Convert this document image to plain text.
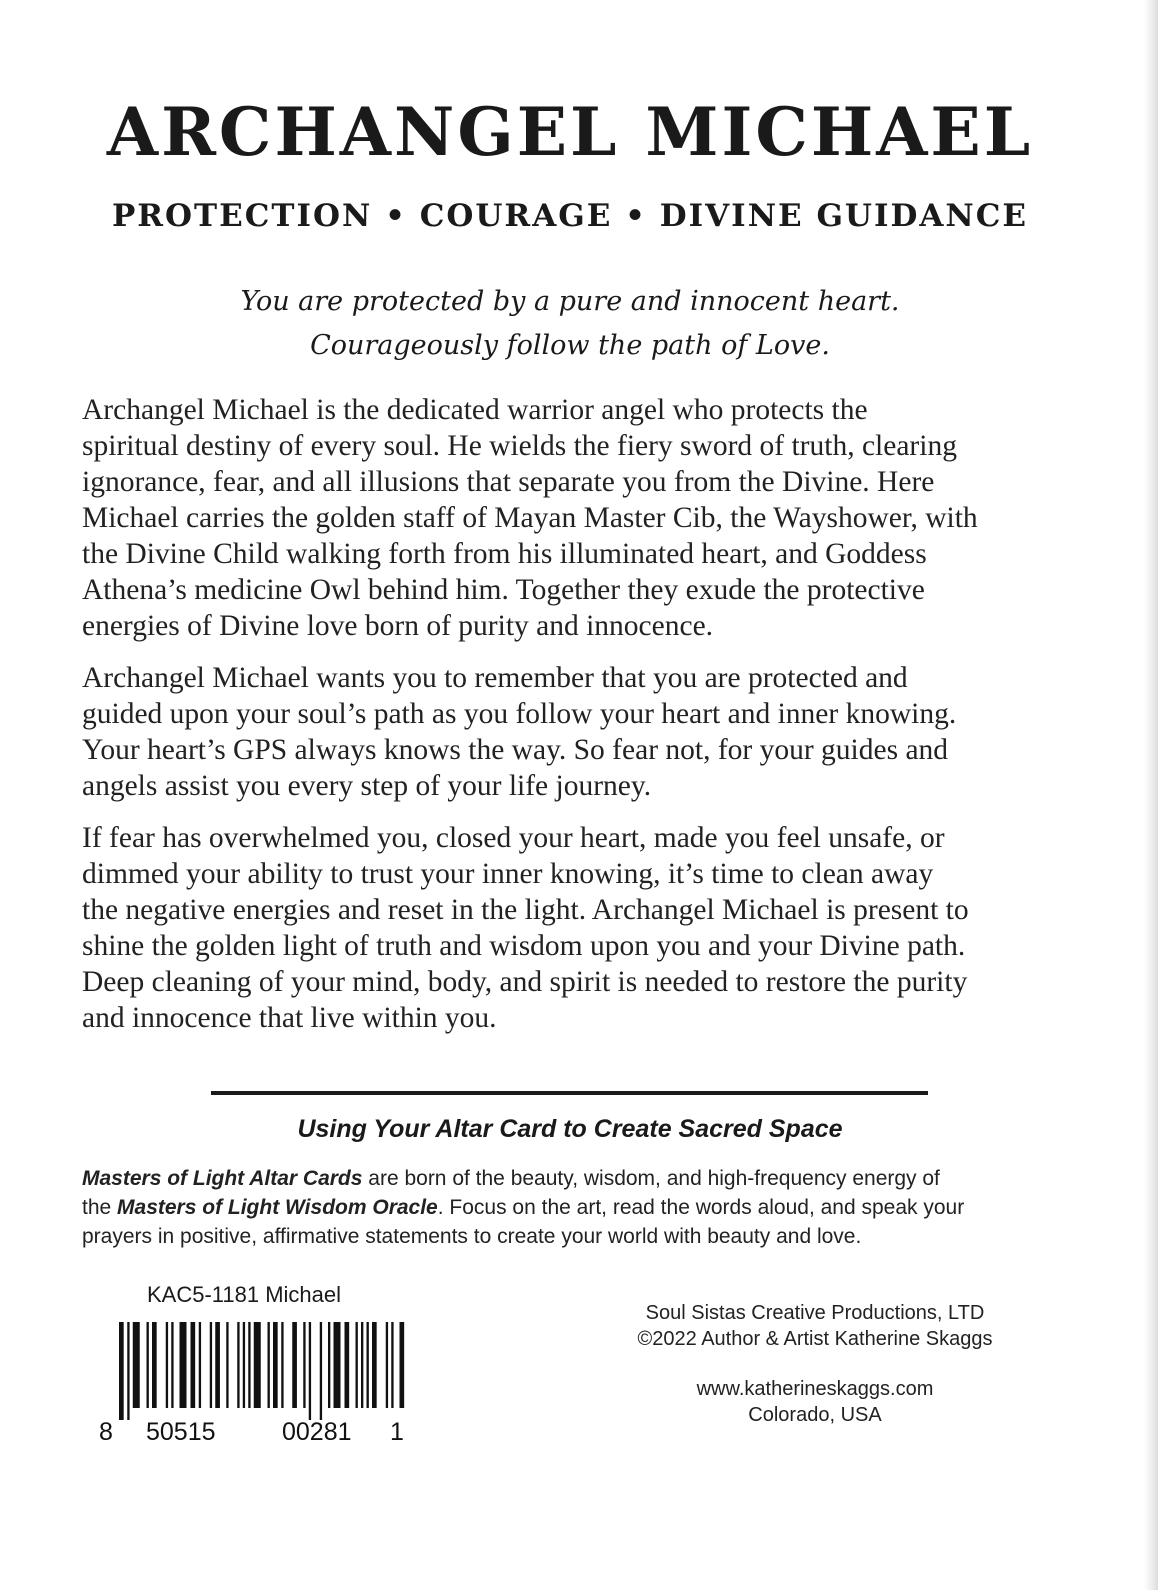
ARCHANGEL MICHAEL
PROTECTION • COURAGE • DIVINE GUIDANCE
You are protected by a pure and innocent heart.
Courageously follow the path of Love.

Archangel Michael is the dedicated warrior angel who protects the
spiritual destiny of every soul. He wields the fiery sword of truth, clearing
ignorance, fear, and all illusions that separate you from the Divine. Here
Michael carries the golden staff of Mayan Master Cib, the Wayshower, with
the Divine Child walking forth from his illuminated heart, and Goddess
Athena’s medicine Owl behind him. Together they exude the protective
energies of Divine love born of purity and innocence.

Archangel Michael wants you to remember that you are protected and
guided upon your soul’s path as you follow your heart and inner knowing.
Your heart’s GPS always knows the way. So fear not, for your guides and
angels assist you every step of your life journey.

If fear has overwhelmed you, closed your heart, made you feel unsafe, or
dimmed your ability to trust your inner knowing, it’s time to clean away
the negative energies and reset in the light. Archangel Michael is present to
shine the golden light of truth and wisdom upon you and your Divine path.
Deep cleaning of your mind, body, and spirit is needed to restore the purity
and innocence that live within you.

Using Your Altar Card to Create Sacred Space
Masters of Light Altar Cards are born of the beauty, wisdom, and high-frequency energy of
the Masters of Light Wisdom Oracle. Focus on the art, read the words aloud, and speak your
prayers in positive, affirmative statements to create your world with beauty and love.
KAC5-1181 Michael
8 50515	00281 1
Soul Sistas Creative Productions, LTD
©2022 Author & Artist Katherine Skaggs
www.katherineskaggs.com
Colorado, USA
